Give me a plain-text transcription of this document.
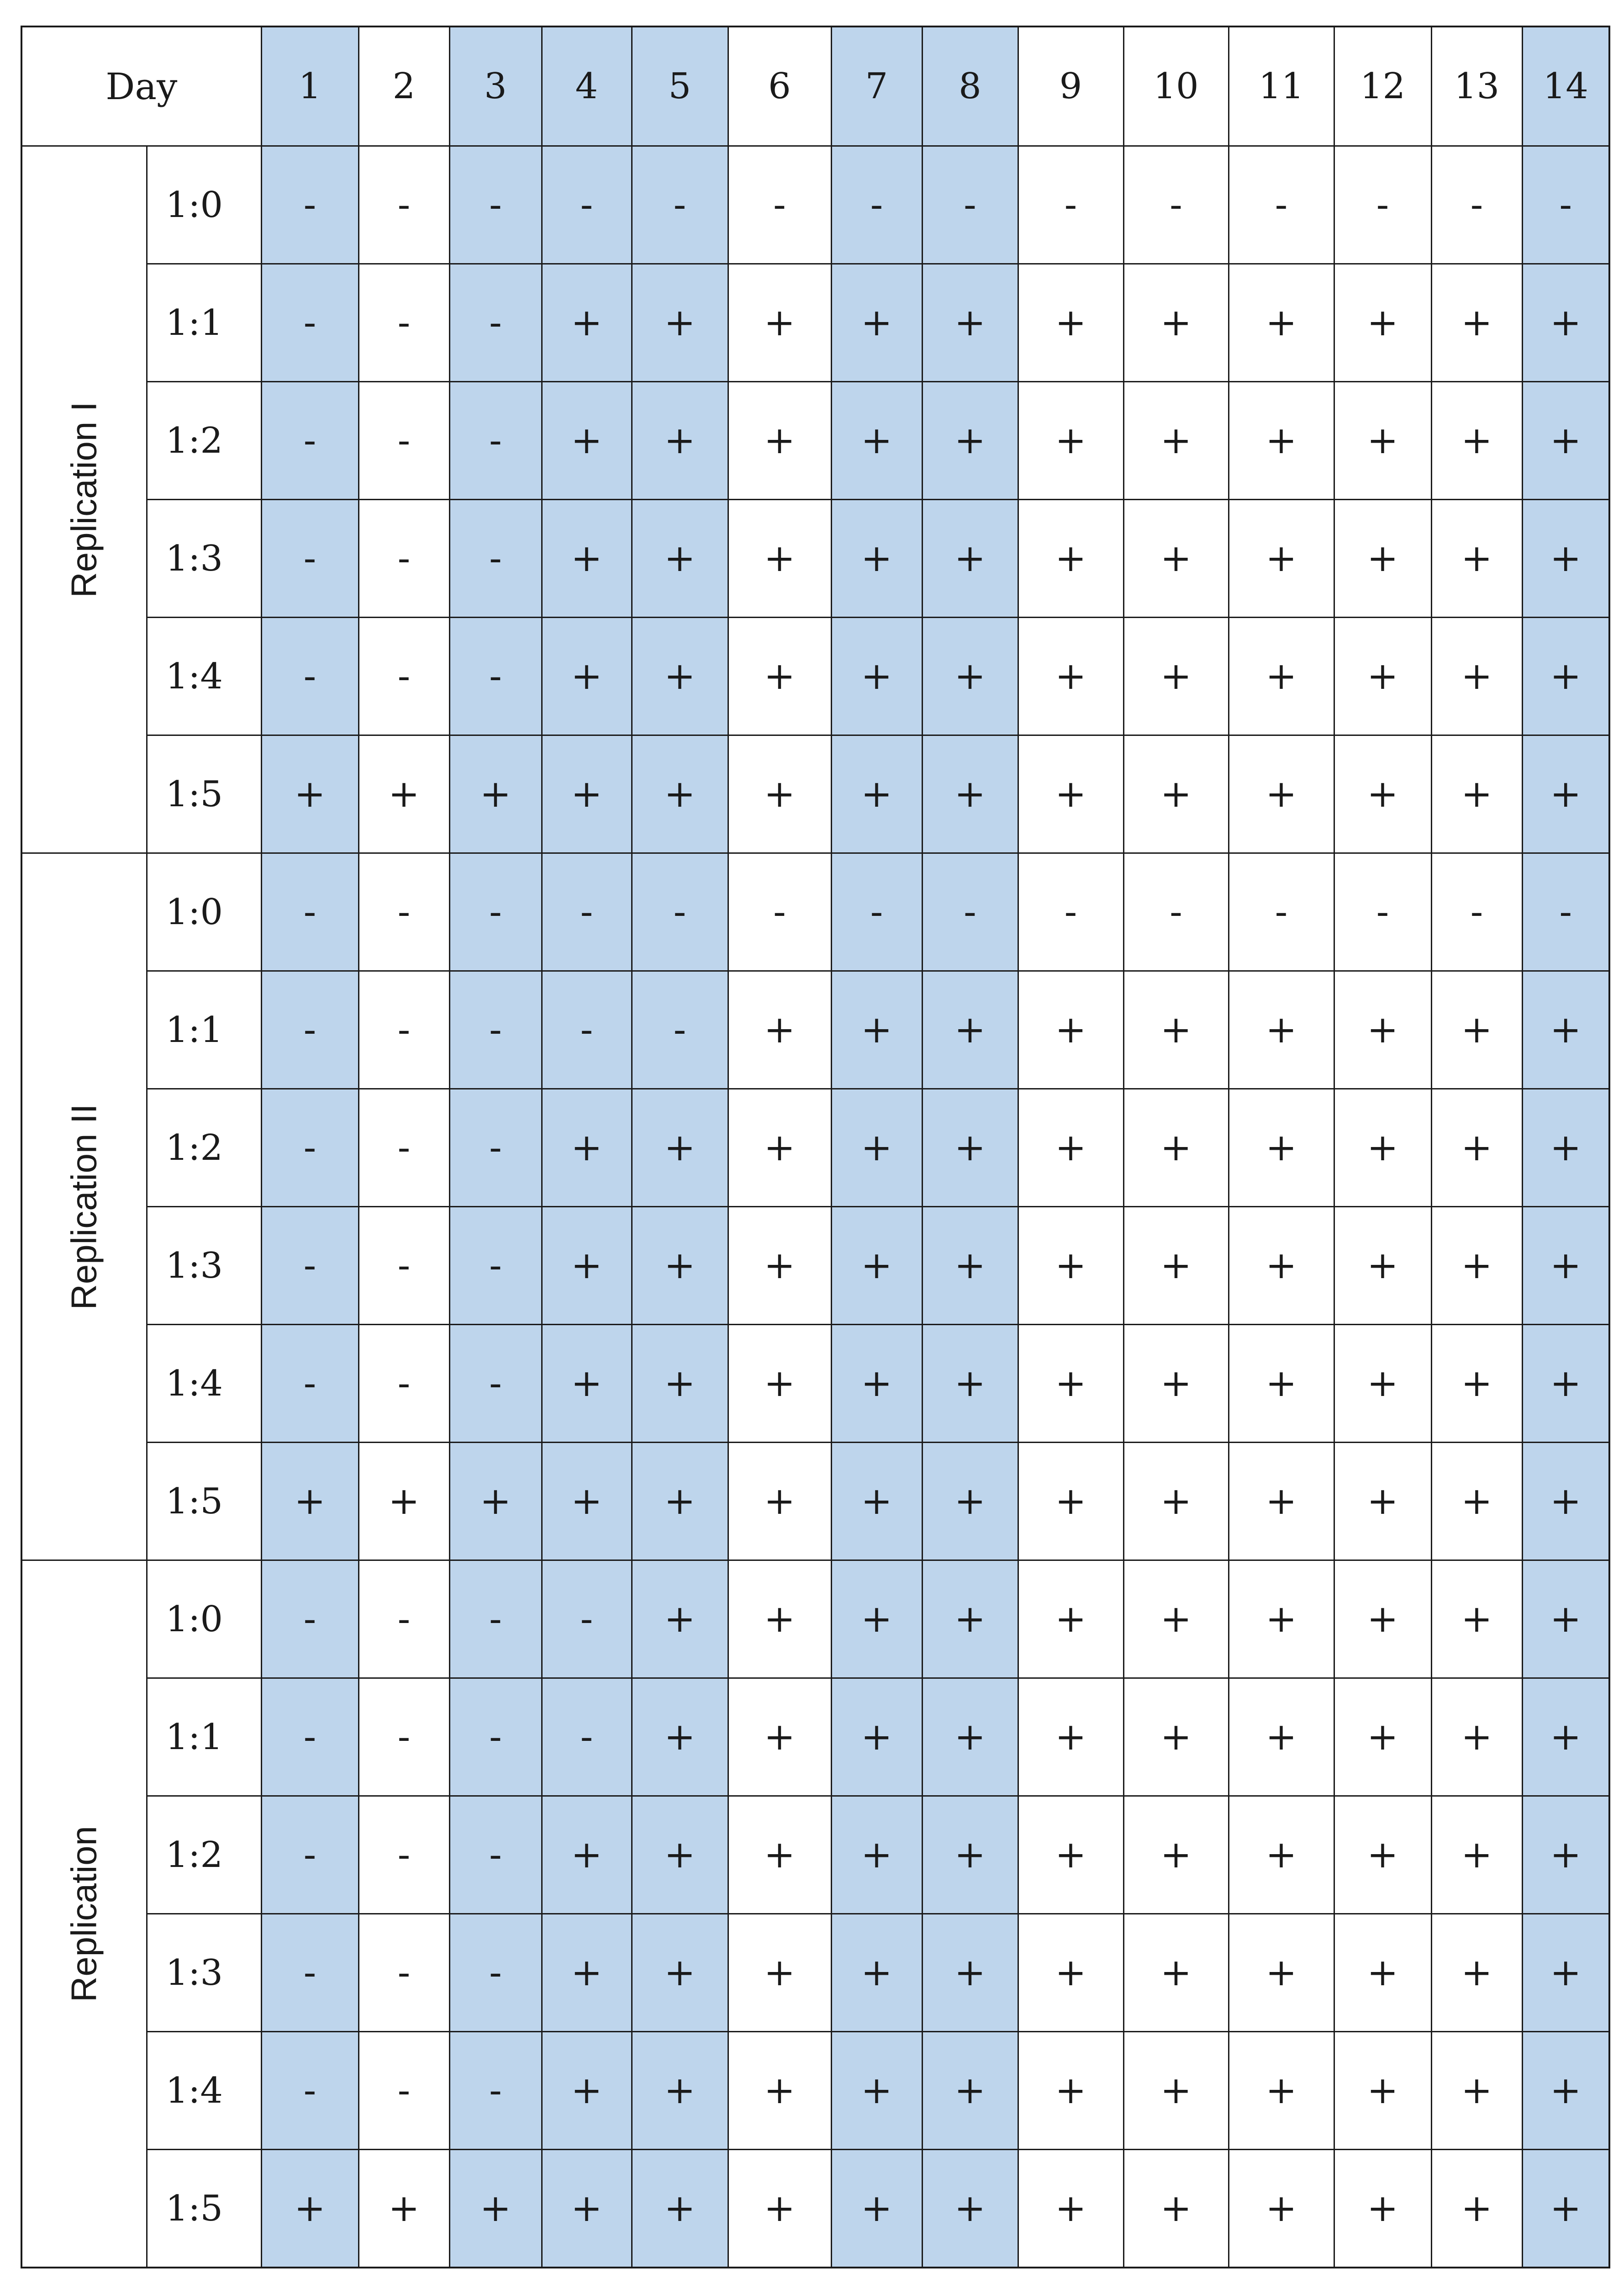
Day		1	2	3	4	5	6	7	8	9	10	11	12	13	14

Replication I	1:0	-	-	-	-	-	-	-	-	-	-	-	-	-	-
	1:1	-	-	-	+	+	+	+	+	+	+	+	+	+	+
	1:2	-	-	-	+	+	+	+	+	+	+	+	+	+	+
	1:3	-	-	-	+	+	+	+	+	+	+	+	+	+	+
	1:4	-	-	-	+	+	+	+	+	+	+	+	+	+	+
	1:5	+	+	+	+	+	+	+	+	+	+	+	+	+	+

Replication II	1:0	-	-	-	-	-	-	-	-	-	-	-	-	-	-
	1:1	-	-	-	-	-	+	+	+	+	+	+	+	+	+
	1:2	-	-	-	+	+	+	+	+	+	+	+	+	+	+
	1:3	-	-	-	+	+	+	+	+	+	+	+	+	+	+
	1:4	-	-	-	+	+	+	+	+	+	+	+	+	+	+
	1:5	+	+	+	+	+	+	+	+	+	+	+	+	+	+

Replication	1:0	-	-	-	-	+	+	+	+	+	+	+	+	+	+
	1:1	-	-	-	-	+	+	+	+	+	+	+	+	+	+
	1:2	-	-	-	+	+	+	+	+	+	+	+	+	+	+
	1:3	-	-	-	+	+	+	+	+	+	+	+	+	+	+
	1:4	-	-	-	+	+	+	+	+	+	+	+	+	+	+
	1:5	+	+	+	+	+	+	+	+	+	+	+	+	+	+
